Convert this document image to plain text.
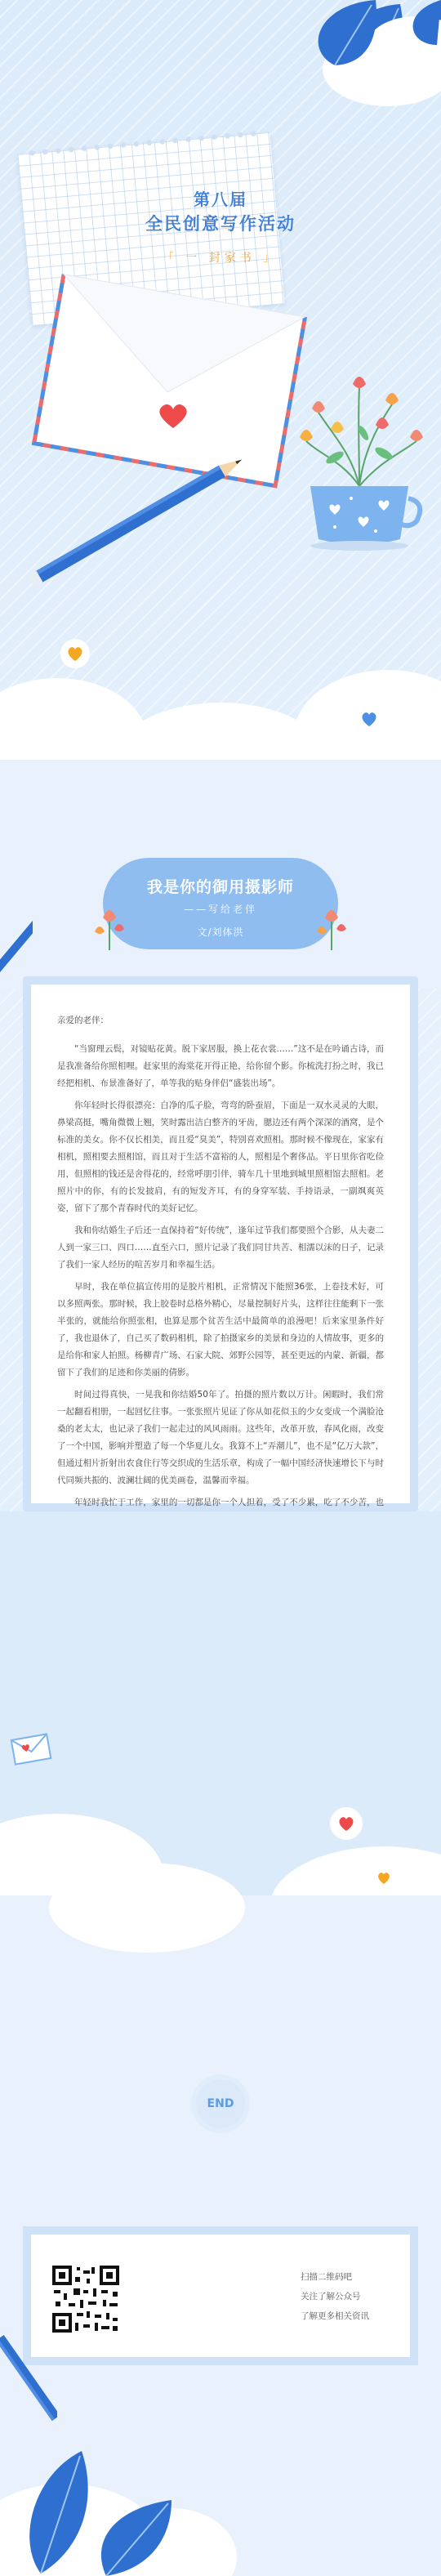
第八届
全民创意写作活动
「 一 封家书 」
我是你的御用摄影师
——写给老伴
文/刘体洪

亲爱的老伴：

“当窗理云鬓，对镜贴花黄。脱下家居服，换上花衣裳……”这不是在吟诵古诗，而是我准备给你照相哩。赶家里的海棠花开得正艳，给你留个影。你梳洗打扮之时，我已经把相机、布景准备好了，单等我的贴身伴侣“盛装出场”。

你年轻时长得很漂亮：白净的瓜子脸，弯弯的卧蚕眉，下面是一双水灵灵的大眼，鼻梁高挺，嘴角微微上翘，笑时露出洁白整齐的牙齿，腮边还有两个深深的酒窝，是个标准的美女。你不仅长相美，而且爱“臭美”，特别喜欢照相。那时候不像现在，家家有相机，照相要去照相馆，而且对于生活不富裕的人，照相是个奢侈品。平日里你省吃俭用，但照相的钱还是舍得花的，经常呼朋引伴，骑车几十里地到城里照相馆去照相。老照片中的你，有的长发披肩，有的短发齐耳，有的身穿军装、手持语录，一副飒爽英姿，留下了那个青春时代的美好记忆。

我和你结婚生子后还一直保持着“好传统”，逢年过节我们都要照个合影，从夫妻二人到一家三口、四口……直至六口，照片记录了我们同甘共苦、相濡以沫的日子，记录了我们一家人经历的喧苦岁月和幸福生活。

早时，我在单位搞宣传用的是胶片相机，正常情况下能照36张，上卷技术好，可以多照两张。那时候，我上胶卷时总格外精心，尽量控制好片头，这样往往能剩下一张半张的，就能给你照张相，也算是那个贫苦生活中最简单的浪漫吧！后来家里条件好了，我也退休了，自己买了数码相机，除了拍摄家乡的美景和身边的人情故事，更多的是给你和家人拍照。杨柳青广场、石家大院、郊野公园等，甚至更远的内蒙、新疆，都留下了我们的足迹和你美丽的倩影。

时间过得真快，一晃我和你结婚50年了。拍摄的照片数以万计。闲暇时，我们常一起翻看相册，一起回忆往事。一张张照片见证了你从如花似玉的少女变成一个满脸沧桑的老太太，也记录了我们一起走过的风风雨雨。这些年，改革开放，春风化雨，改变了一个中国，影响并塑造了每一个华夏儿女。我算不上“弄潮儿”，也不是“亿万大款”，但通过相片折射出农食住行等交织成的生活乐章，构成了一幅中国经济快速增长下与时代同频共振的、波澜壮阔的优美画卷，温馨而幸福。

年轻时我忙于工作，家里的一切都是你一个人担着，受了不少累，吃了不少苦，也

END
扫描二维码吧
关注了解公众号
了解更多相关资讯
